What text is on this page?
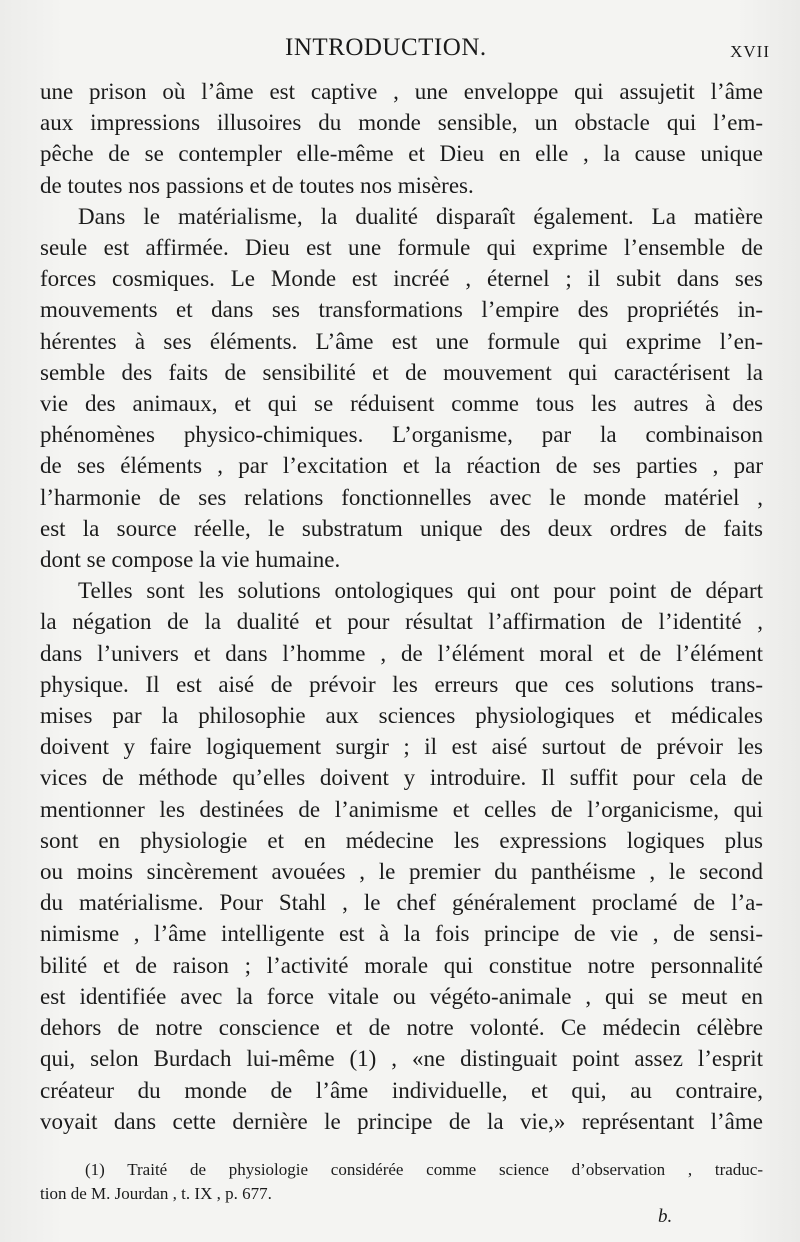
INTRODUCTION.	XVII

une prison où l’âme est captive , une enveloppe qui assujetit l’âme
aux impressions illusoires du monde sensible, un obstacle qui l’em-
pêche de se contempler elle-même et Dieu en elle , la cause unique
de toutes nos passions et de toutes nos misères.

Dans le matérialisme, la dualité disparaît également. La matière
seule est affirmée. Dieu est une formule qui exprime l’ensemble de
forces cosmiques. Le Monde est incréé , éternel ; il subit dans ses
mouvements et dans ses transformations l’empire des propriétés in-
hérentes à ses éléments. L’âme est une formule qui exprime l’en-
semble des faits de sensibilité et de mouvement qui caractérisent la
vie des animaux, et qui se réduisent comme tous les autres à des
phénomènes physico-chimiques. L’organisme, par la combinaison
de ses éléments , par l’excitation et la réaction de ses parties , par
l’harmonie de ses relations fonctionnelles avec le monde matériel ,
est la source réelle, le substratum unique des deux ordres de faits
dont se compose la vie humaine.

Telles sont les solutions ontologiques qui ont pour point de départ
la négation de la dualité et pour résultat l’affirmation de l’identité ,
dans l’univers et dans l’homme , de l’élément moral et de l’élément
physique. Il est aisé de prévoir les erreurs que ces solutions trans-
mises par la philosophie aux sciences physiologiques et médicales
doivent y faire logiquement surgir ; il est aisé surtout de prévoir les
vices de méthode qu’elles doivent y introduire. Il suffit pour cela de
mentionner les destinées de l’animisme et celles de l’organicisme, qui
sont en physiologie et en médecine les expressions logiques plus
ou moins sincèrement avouées , le premier du panthéisme , le second
du matérialisme. Pour Stahl , le chef généralement proclamé de l’a-
nimisme , l’âme intelligente est à la fois principe de vie , de sensi-
bilité et de raison ; l’activité morale qui constitue notre personnalité
est identifiée avec la force vitale ou végéto-animale , qui se meut en
dehors de notre conscience et de notre volonté. Ce médecin célèbre
qui, selon Burdach lui-même (1) , «ne distinguait point assez l’esprit
créateur du monde de l’âme individuelle, et qui, au contraire,
voyait dans cette dernière le principe de la vie,» représentant l’âme

(1) Traité de physiologie considérée comme science d’observation , traduc-
tion de M. Jourdan , t. IX , p. 677.
b.
